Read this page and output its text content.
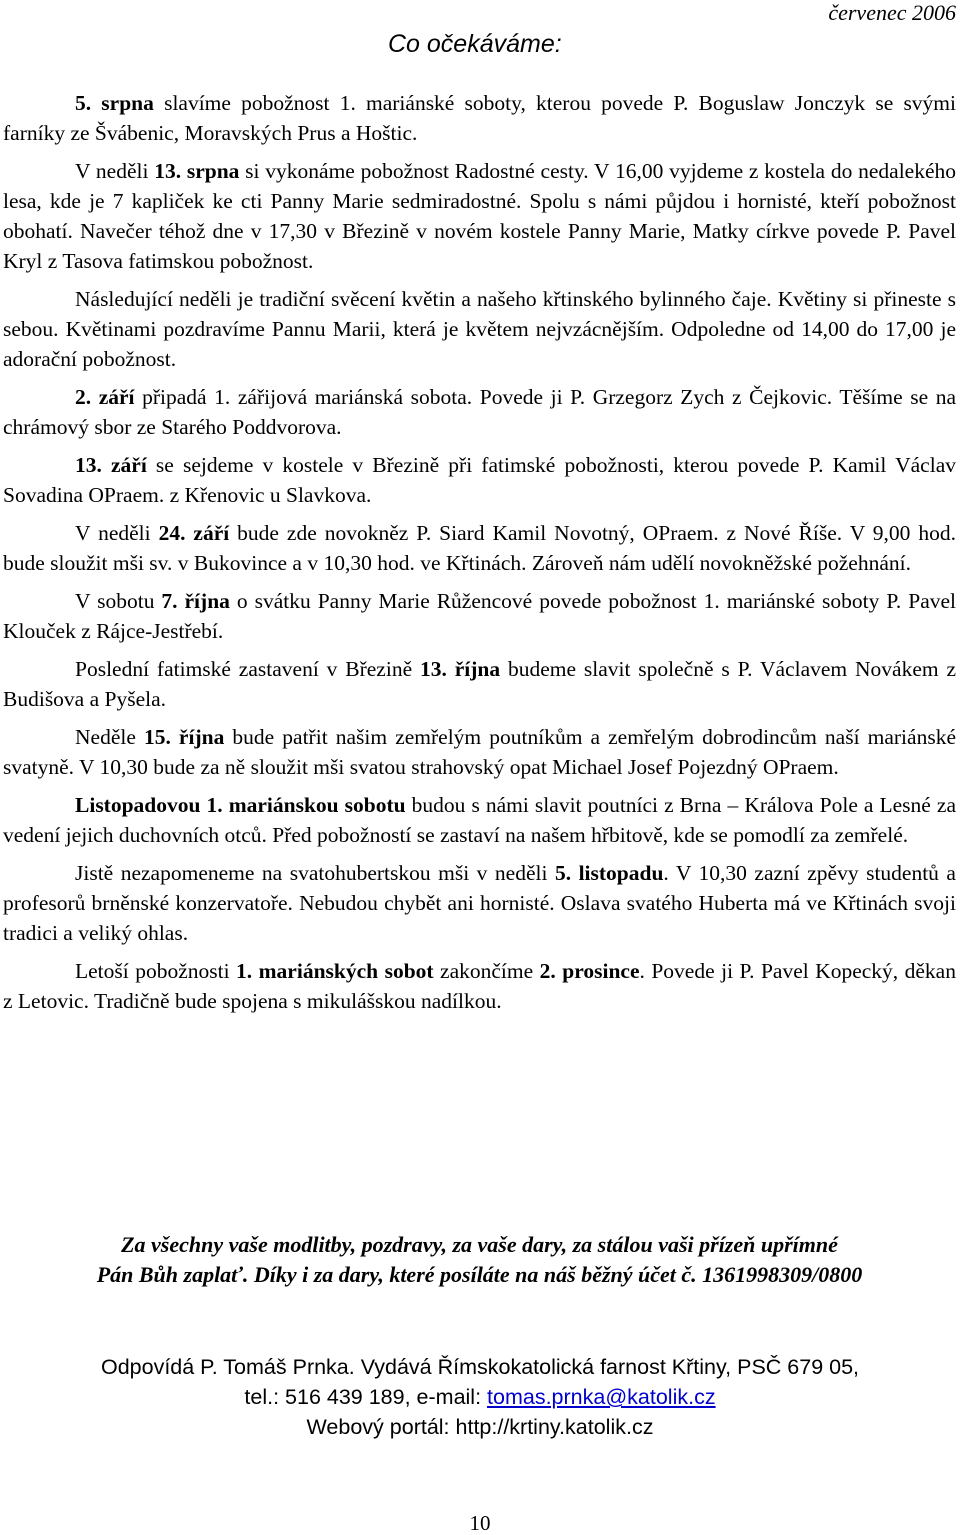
červenec 2006
Co očekáváme:

5. srpna slavíme pobožnost 1. mariánské soboty, kterou povede P. Boguslaw Jonczyk se svými farníky ze Švábenic, Moravských Prus a Hoštic.

V neděli 13. srpna si vykonáme pobožnost Radostné cesty. V 16,00 vyjdeme z kostela do nedalekého lesa, kde je 7 kapliček ke cti Panny Marie sedmiradostné. Spolu s námi půjdou i hornisté, kteří pobožnost obohatí. Navečer téhož dne v 17,30 v Březině v novém kostele Panny Marie, Matky církve povede P. Pavel Kryl z Tasova fatimskou pobožnost.

Následující neděli je tradiční svěcení květin a našeho křtinského bylinného čaje. Květiny si přineste s sebou. Květinami pozdravíme Pannu Marii, která je květem nejvzácnějším. Odpoledne od 14,00 do 17,00 je adorační pobožnost.

2. září připadá 1. zářijová mariánská sobota. Povede ji P. Grzegorz Zych z Čejkovic. Těšíme se na chrámový sbor ze Starého Poddvorova.

13. září se sejdeme v kostele v Březině při fatimské pobožnosti, kterou povede P. Kamil Václav Sovadina OPraem. z Křenovic u Slavkova.

V neděli 24. září bude zde novokněz P. Siard Kamil Novotný, OPraem. z Nové Říše. V 9,00 hod. bude sloužit mši sv. v Bukovince a v 10,30 hod. ve Křtinách. Zároveň nám udělí novokněžské požehnání.

V sobotu 7. října o svátku Panny Marie Růžencové povede pobožnost 1. mariánské soboty P. Pavel Klouček z Rájce-Jestřebí.

Poslední fatimské zastavení v Březině 13. října budeme slavit společně s P. Václavem Novákem z Budišova a Pyšela.

Neděle 15. října bude patřit našim zemřelým poutníkům a zemřelým dobrodincům naší mariánské svatyně. V 10,30 bude za ně sloužit mši svatou strahovský opat Michael Josef Pojezdný OPraem.

Listopadovou 1. mariánskou sobotu budou s námi slavit poutníci z Brna – Králova Pole a Lesné za vedení jejich duchovních otců. Před pobožností se zastaví na našem hřbitově, kde se pomodlí za zemřelé.

Jistě nezapomeneme na svatohubertskou mši v neděli 5. listopadu. V 10,30 zazní zpěvy studentů a profesorů brněnské konzervatoře. Nebudou chybět ani hornisté. Oslava svatého Huberta má ve Křtinách svoji tradici a veliký ohlas.

Letoší pobožnosti 1. mariánských sobot zakončíme 2. prosince. Povede ji P. Pavel Kopecký, děkan z Letovic. Tradičně bude spojena s mikulášskou nadílkou.

Za všechny vaše modlitby, pozdravy, za vaše dary, za stálou vaši přízeň upřímné
Pán Bůh zaplať. Díky i za dary, které posíláte na náš běžný účet č. 1361998309/0800
Odpovídá P. Tomáš Prnka. Vydává Římskokatolická farnost Křtiny, PSČ 679 05,
tel.: 516 439 189, e-mail: tomas.prnka@katolik.cz
Webový portál: http://krtiny.katolik.cz
10
